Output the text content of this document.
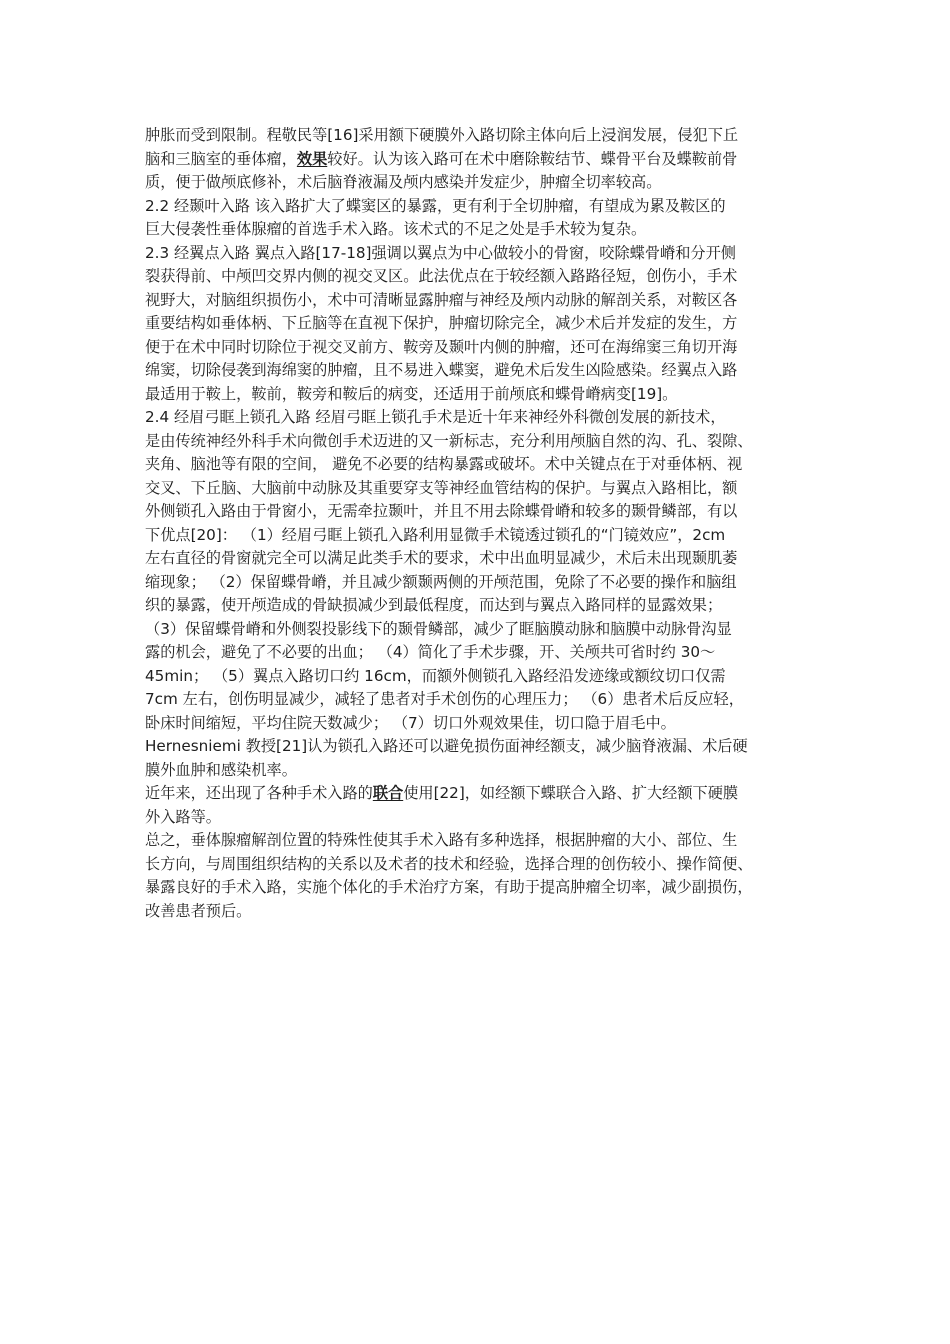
肿胀而受到限制。程敬民等[16]采用额下硬膜外入路切除主体向后上浸润发展，侵犯下丘
脑和三脑室的垂体瘤，效果较好。认为该入路可在术中磨除鞍结节、蝶骨平台及蝶鞍前骨
质，便于做颅底修补，术后脑脊液漏及颅内感染并发症少，肿瘤全切率较高。
2.2 经颞叶入路 该入路扩大了蝶窦区的暴露，更有利于全切肿瘤，有望成为累及鞍区的
巨大侵袭性垂体腺瘤的首选手术入路。该术式的不足之处是手术较为复杂。
2.3 经翼点入路 翼点入路[17-18]强调以翼点为中心做较小的骨窗，咬除蝶骨嵴和分开侧
裂获得前、中颅凹交界内侧的视交叉区。此法优点在于较经额入路路径短，创伤小，手术
视野大，对脑组织损伤小，术中可清晰显露肿瘤与神经及颅内动脉的解剖关系，对鞍区各
重要结构如垂体柄、下丘脑等在直视下保护，肿瘤切除完全，减少术后并发症的发生，方
便于在术中同时切除位于视交叉前方、鞍旁及颞叶内侧的肿瘤，还可在海绵窦三角切开海
绵窦，切除侵袭到海绵窦的肿瘤，且不易进入蝶窦，避免术后发生凶险感染。经翼点入路
最适用于鞍上，鞍前，鞍旁和鞍后的病变，还适用于前颅底和蝶骨嵴病变[19]。
2.4 经眉弓眶上锁孔入路 经眉弓眶上锁孔手术是近十年来神经外科微创发展的新技术，
是由传统神经外科手术向微创手术迈进的又一新标志，充分利用颅脑自然的沟、孔、裂隙、
夹角、脑池等有限的空间， 避免不必要的结构暴露或破坏。术中关键点在于对垂体柄、视
交叉、下丘脑、大脑前中动脉及其重要穿支等神经血管结构的保护。与翼点入路相比，额
外侧锁孔入路由于骨窗小，无需牵拉颞叶，并且不用去除蝶骨嵴和较多的颞骨鳞部，有以
下优点[20]： （1）经眉弓眶上锁孔入路利用显微手术镜透过锁孔的“门镜效应”，2cm
左右直径的骨窗就完全可以满足此类手术的要求，术中出血明显减少，术后未出现颞肌萎
缩现象； （2）保留蝶骨嵴，并且减少额颞两侧的开颅范围，免除了不必要的操作和脑组
织的暴露，使开颅造成的骨缺损减少到最低程度，而达到与翼点入路同样的显露效果；
（3）保留蝶骨嵴和外侧裂投影线下的颞骨鳞部，减少了眶脑膜动脉和脑膜中动脉骨沟显
露的机会，避免了不必要的出血； （4）简化了手术步骤，开、关颅共可省时约 30～
45min； （5）翼点入路切口约 16cm，而额外侧锁孔入路经沿发迹缘或额纹切口仅需
7cm 左右，创伤明显减少，减轻了患者对手术创伤的心理压力； （6）患者术后反应轻，
卧床时间缩短，平均住院天数减少； （7）切口外观效果佳，切口隐于眉毛中。
Hernesniemi 教授[21]认为锁孔入路还可以避免损伤面神经额支，减少脑脊液漏、术后硬
膜外血肿和感染机率。
近年来，还出现了各种手术入路的联合使用[22]，如经额下蝶联合入路、扩大经额下硬膜
外入路等。
总之，垂体腺瘤解剖位置的特殊性使其手术入路有多种选择，根据肿瘤的大小、部位、生
长方向，与周围组织结构的关系以及术者的技术和经验，选择合理的创伤较小、操作简便、
暴露良好的手术入路，实施个体化的手术治疗方案，有助于提高肿瘤全切率，减少副损伤，
改善患者预后。
